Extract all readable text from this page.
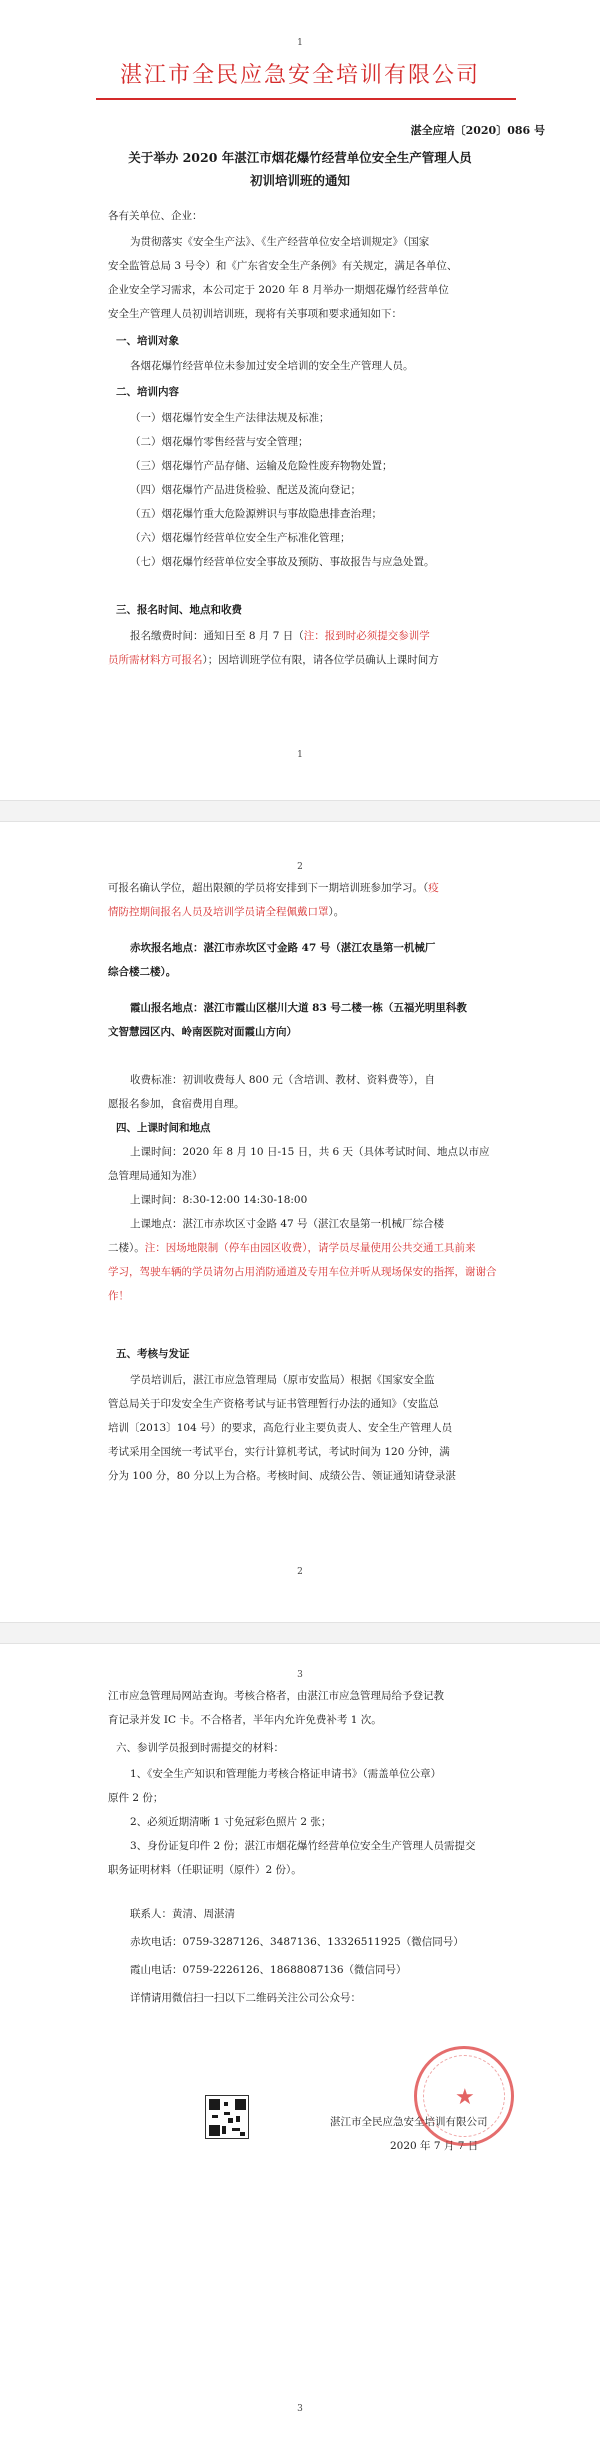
1
湛江市全民应急安全培训有限公司
湛全应培〔2020〕086 号
关于举办 2020 年湛江市烟花爆竹经营单位安全生产管理人员
初训培训班的通知
各有关单位、企业：
为贯彻落实《安全生产法》、《生产经营单位安全培训规定》（国家
安全监管总局 3 号令）和《广东省安全生产条例》有关规定，满足各单位、
企业安全学习需求，本公司定于 2020 年 8 月举办一期烟花爆竹经营单位
安全生产管理人员初训培训班，现将有关事项和要求通知如下：
一、培训对象
各烟花爆竹经营单位未参加过安全培训的安全生产管理人员。
二、培训内容
（一）烟花爆竹安全生产法律法规及标准；
（二）烟花爆竹零售经营与安全管理；
（三）烟花爆竹产品存储、运输及危险性废弃物物处置；
（四）烟花爆竹产品进货检验、配送及流向登记；
（五）烟花爆竹重大危险源辨识与事故隐患排查治理；
（六）烟花爆竹经营单位安全生产标准化管理；
（七）烟花爆竹经营单位安全事故及预防、事故报告与应急处置。
三、报名时间、地点和收费
报名缴费时间：通知日至 8 月 7 日（注：报到时必须提交参训学
员所需材料方可报名）；因培训班学位有限，请各位学员确认上课时间方
1
2
可报名确认学位，超出限额的学员将安排到下一期培训班参加学习。（疫
情防控期间报名人员及培训学员请全程佩戴口罩）。
赤坎报名地点：湛江市赤坎区寸金路 47 号（湛江农垦第一机械厂
综合楼二楼）。
霞山报名地点：湛江市霞山区椹川大道 83 号二楼一栋（五福光明里科教
文智慧园区内、岭南医院对面霞山方向）
收费标准：初训收费每人 800 元（含培训、教材、资料费等），自
愿报名参加，食宿费用自理。
四、上课时间和地点
上课时间：2020 年 8 月 10 日-15 日，共 6 天（具体考试时间、地点以市应
急管理局通知为准）
上课时间：8:30-12:00 14:30-18:00
上课地点：湛江市赤坎区寸金路 47 号（湛江农垦第一机械厂综合楼
二楼）。注：因场地限制（停车由园区收费），请学员尽量使用公共交通工具前来
学习，驾驶车辆的学员请勿占用消防通道及专用车位并听从现场保安的指挥，谢谢合
作！
五、考核与发证
学员培训后，湛江市应急管理局（原市安监局）根据《国家安全监
管总局关于印发安全生产资格考试与证书管理暂行办法的通知》（安监总
培训〔2013〕104 号）的要求，高危行业主要负责人、安全生产管理人员
考试采用全国统一考试平台，实行计算机考试，考试时间为 120 分钟，满
分为 100 分，80 分以上为合格。考核时间、成绩公告、领证通知请登录湛
2
3
江市应急管理局网站查询。考核合格者，由湛江市应急管理局给予登记教
育记录并发 IC 卡。不合格者，半年内允许免费补考 1 次。
六、参训学员报到时需提交的材料：
1、《安全生产知识和管理能力考核合格证申请书》（需盖单位公章）
原件 2 份；
2、必须近期清晰 1 寸免冠彩色照片 2 张；
3、身份证复印件 2 份；湛江市烟花爆竹经营单位安全生产管理人员需提交
职务证明材料（任职证明（原件）2 份）。
联系人：黄清、周湛清
赤坎电话：0759-3287126、3487136、13326511925（微信同号）
霞山电话：0759-2226126、18688087136（微信同号）
详情请用微信扫一扫以下二维码关注公司公众号：
湛江市全民应急安全培训有限公司
2020 年 7 月 7 日
3
★
